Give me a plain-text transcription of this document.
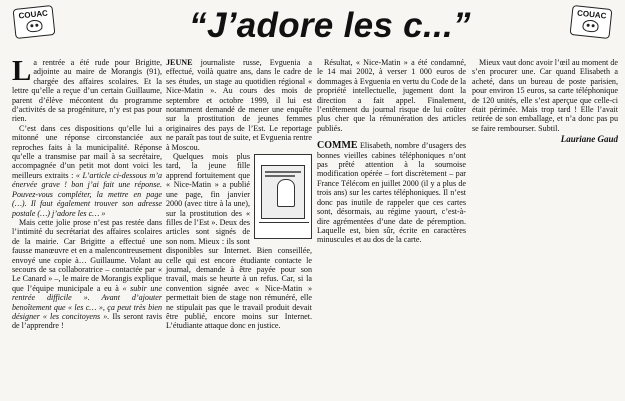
COUAC	“J’adore les c...”	COUAC

La rentrée a été rude pour Brigitte, adjointe au maire de Morangis (91), chargée des affaires scolaires. Et la lettre qu’elle a reçue d’un certain Guillaume, parent d’élève mécontent du programme d’activités de sa progéniture, n’y est pas pour rien.

C’est dans ces dispositions qu’elle lui a mitonné une réponse circonstanciée aux reproches faits à la municipalité. Réponse qu’elle a transmise par mail à sa secrétaire, accompagnée d’un petit mot dont voici les meilleurs extraits : « L’article ci-dessous m’a énervée grave ! bon j’ai fait une réponse. Pouvez-vous compléter, la mettre en page (…). Il faut également trouver son adresse postale (…) j’adore les c… »

Mais cette jolie prose n’est pas restée dans l’intimité du secrétariat des affaires scolaires de la mairie. Car Brigitte a effectué une fausse manœuvre et en a malencontreusement envoyé une copie à… Guillaume. Volant au secours de sa collaboratrice – contactée par « Le Canard » –, le maire de Morangis explique que l’équipe municipale a eu à « subir une rentrée difficile ». Avant d’ajouter benoîtement que « les c… », ça peut très bien désigner « les concitoyens ». Ils seront ravis de l’apprendre !

JEUNE journaliste russe, Evguenia a effectué, voilà quatre ans, dans le cadre de ses études, un stage au quotidien régional « Nice-Matin ». Au cours des mois de septembre et octobre 1999, il lui est notamment demandé de mener une enquête sur la prostitution de jeunes femmes originaires des pays de l’Est. Le reportage ne paraît pas tout de suite, et Evguenia rentre à Moscou.

Quelques mois plus tard, la jeune fille apprend fortuitement que « Nice-Matin » a publié une page, fin janvier 2000 (avec titre à la une), sur la prostitution des « filles de l’Est ». Deux des articles sont signés de son nom. Mieux : ils sont disponibles sur Internet. Bien conseillée, celle qui est encore étudiante contacte le journal, demande à être payée pour son travail, mais se heurte à un refus. Car, si la convention signée avec « Nice-Matin » permettait bien de stage non rémunéré, elle ne stipulait pas que le travail produit devait être publié, encore moins sur Internet. L’étudiante attaque donc en justice.

Résultat, « Nice-Matin » a été condamné, le 14 mai 2002, à verser 1 000 euros de dommages à Evguenia en vertu du Code de la propriété intellectuelle, jugement dont la direction a fait appel. Finalement, l’entêtement du journal risque de lui coûter plus cher que la rémunération des articles publiés.

COMME Elisabeth, nombre d’usagers des bonnes vieilles cabines téléphoniques n’ont pas prêté attention à la sournoise modification opérée – fort discrètement – par France Télécom en juillet 2000 (il y a plus de trois ans) sur les cartes téléphoniques. Il n’est donc pas inutile de rappeler que ces cartes sont, désormais, au régime yaourt, c’est-à-dire agrémentées d’une date de péremption. Laquelle est, bien sûr, écrite en caractères minuscules et au dos de la carte.

Mieux vaut donc avoir l’œil au moment de s’en procurer une. Car quand Elisabeth a acheté, dans un bureau de poste parisien, pour environ 15 euros, sa carte téléphonique de 120 unités, elle s’est aperçue que celle-ci était périmée. Mais trop tard ! Elle l’avait retirée de son emballage, et n’a donc pas pu se faire rembourser. Subtil.

Lauriane Gaud
